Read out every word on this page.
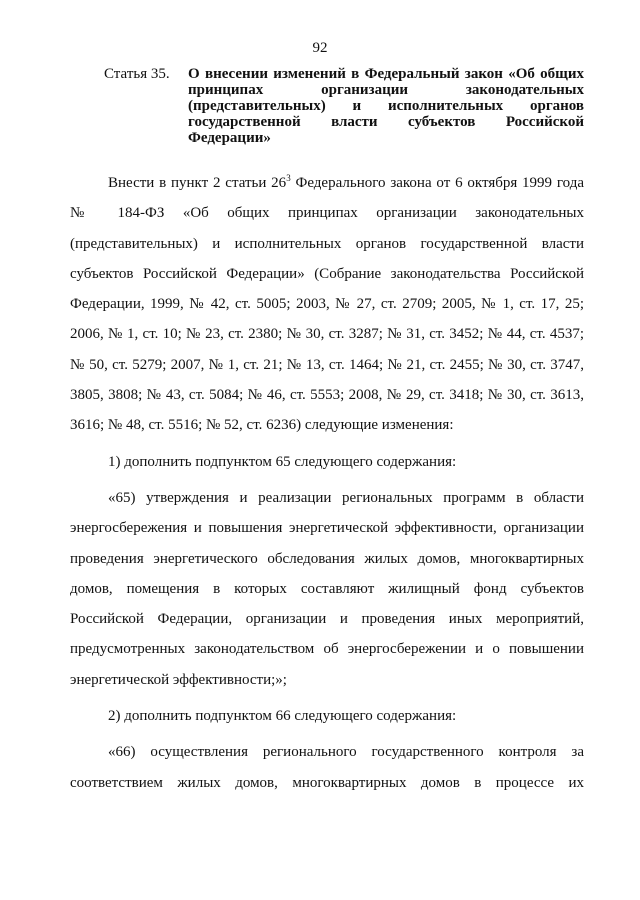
92
Статья 35.	О внесении изменений в Федеральный закон «Об общих принципах организации законодательных (представительных) и исполнительных органов государственной власти субъектов Российской Федерации»

Внести в пункт 2 статьи $26^3$ Федерального закона от 6 октября 1999 года № 184-ФЗ «Об общих принципах организации законодательных (представительных) и исполнительных органов государственной власти субъектов Российской Федерации» (Собрание законодательства Российской Федерации, 1999, № 42, ст. 5005; 2003, № 27, ст. 2709; 2005, № 1, ст. 17, 25; 2006, № 1, ст. 10; № 23, ст. 2380; № 30, ст. 3287; № 31, ст. 3452; № 44, ст. 4537; № 50, ст. 5279; 2007, № 1, ст. 21; № 13, ст. 1464; № 21, ст. 2455; № 30, ст. 3747, 3805, 3808; № 43, ст. 5084; № 46, ст. 5553; 2008, № 29, ст. 3418; № 30, ст. 3613, 3616; № 48, ст. 5516; № 52, ст. 6236) следующие изменения:

1) дополнить подпунктом 65 следующего содержания:

«65) утверждения и реализации региональных программ в области энергосбережения и повышения энергетической эффективности, организации проведения энергетического обследования жилых домов, многоквартирных домов, помещения в которых составляют жилищный фонд субъектов Российской Федерации, организации и проведения иных мероприятий, предусмотренных законодательством об энергосбережении и о повышении энергетической эффективности;»;

2) дополнить подпунктом 66 следующего содержания:

«66) осуществления регионального государственного контроля за соответствием жилых домов, многоквартирных домов в процессе их
